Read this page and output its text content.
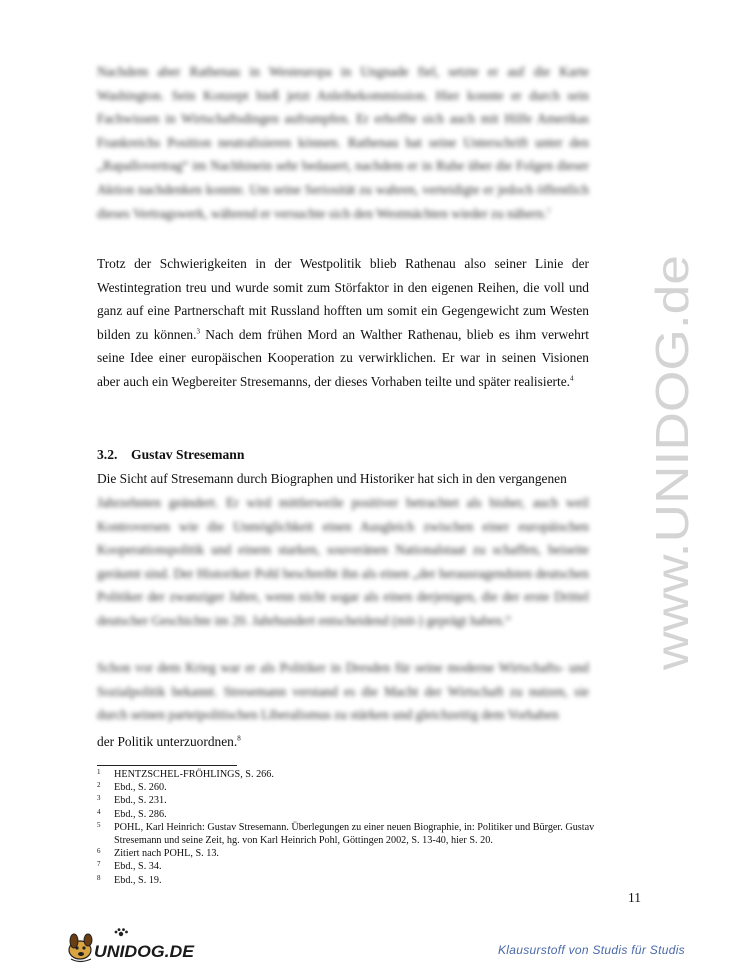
Nachdem aber Rathenau in Westeuropa in Ungnade fiel, setzte er auf die Karte Washington. Sein Konzept hieß jetzt Anleihekommission. Hier konnte er durch sein Fachwissen in Wirtschaftsdingen aufrumpfen. Er erhoffte sich auch mit Hilfe Amerikas Frankreichs Position neutralisieren können. Rathenau hat seine Unterschrift unter den „Rapallovertrag“ im Nachhinein sehr bedauert, nachdem er in Ruhe über die Folgen dieser Aktion nachdenken konnte. Um seine Seriosität zu wahren, verteidigte er jedoch öffentlich dieses Vertragswerk, während er versuchte sich den Westmächten wieder zu nähern.$^2$

Trotz der Schwierigkeiten in der Westpolitik blieb Rathenau also seiner Linie der Westintegration treu und wurde somit zum Störfaktor in den eigenen Reihen, die voll und ganz auf eine Partnerschaft mit Russland hofften um somit ein Gegengewicht zum Westen bilden zu können.$^3$ Nach dem frühen Mord an Walther Rathenau, blieb es ihm verwehrt seine Idee einer europäischen Kooperation zu verwirklichen. Er war in seinen Visionen aber auch ein Wegbereiter Stresemanns, der dieses Vorhaben teilte und später realisierte.$^4$

3.2. Gustav Stresemann

Die Sicht auf Stresemann durch Biographen und Historiker hat sich in den vergangenen

Jahrzehnten geändert. Er wird mittlerweile positiver betrachtet als bisher, auch weil Kontroversen wie die Unmöglichkeit einen Ausgleich zwischen einer europäischen Kooperationspolitik und einem starken, souveränen Nationalstaat zu schaffen, beiseite geräumt sind. Der Historiker Pohl beschreibt ihn als einen „der herausragendsten deutschen Politiker der zwanziger Jahre, wenn nicht sogar als einen derjenigen, die der erste Drittel deutscher Geschichte im 20. Jahrhundert entscheidend (mit-) geprägt haben.“

Schon vor dem Krieg war er als Politiker in Dresden für seine moderne Wirtschafts- und Sozialpolitik bekannt. Stresemann verstand es die Macht der Wirtschaft zu nutzen, sie durch seinen parteipolitischen Liberalismus zu stärken und gleichzeitig dem Vorhaben

der Politik unterzuordnen.$^8$

1 HENTZSCHEL-FRÖHLINGS, S. 266.
2 Ebd., S. 260.
3 Ebd., S. 231.
4 Ebd., S. 286.
5 POHL, Karl Heinrich: Gustav Stresemann. Überlegungen zu einer neuen Biographie, in: Politiker und Bürger. Gustav Stresemann und seine Zeit, hg. von Karl Heinrich Pohl, Göttingen 2002, S. 13-40, hier S. 20.
6 Zitiert nach POHL, S. 13.
7 Ebd., S. 34.
8 Ebd., S. 19.
11
www.UNIDOG.de
UNIDOG.DE	Klausurstoff von Studis für Studis
